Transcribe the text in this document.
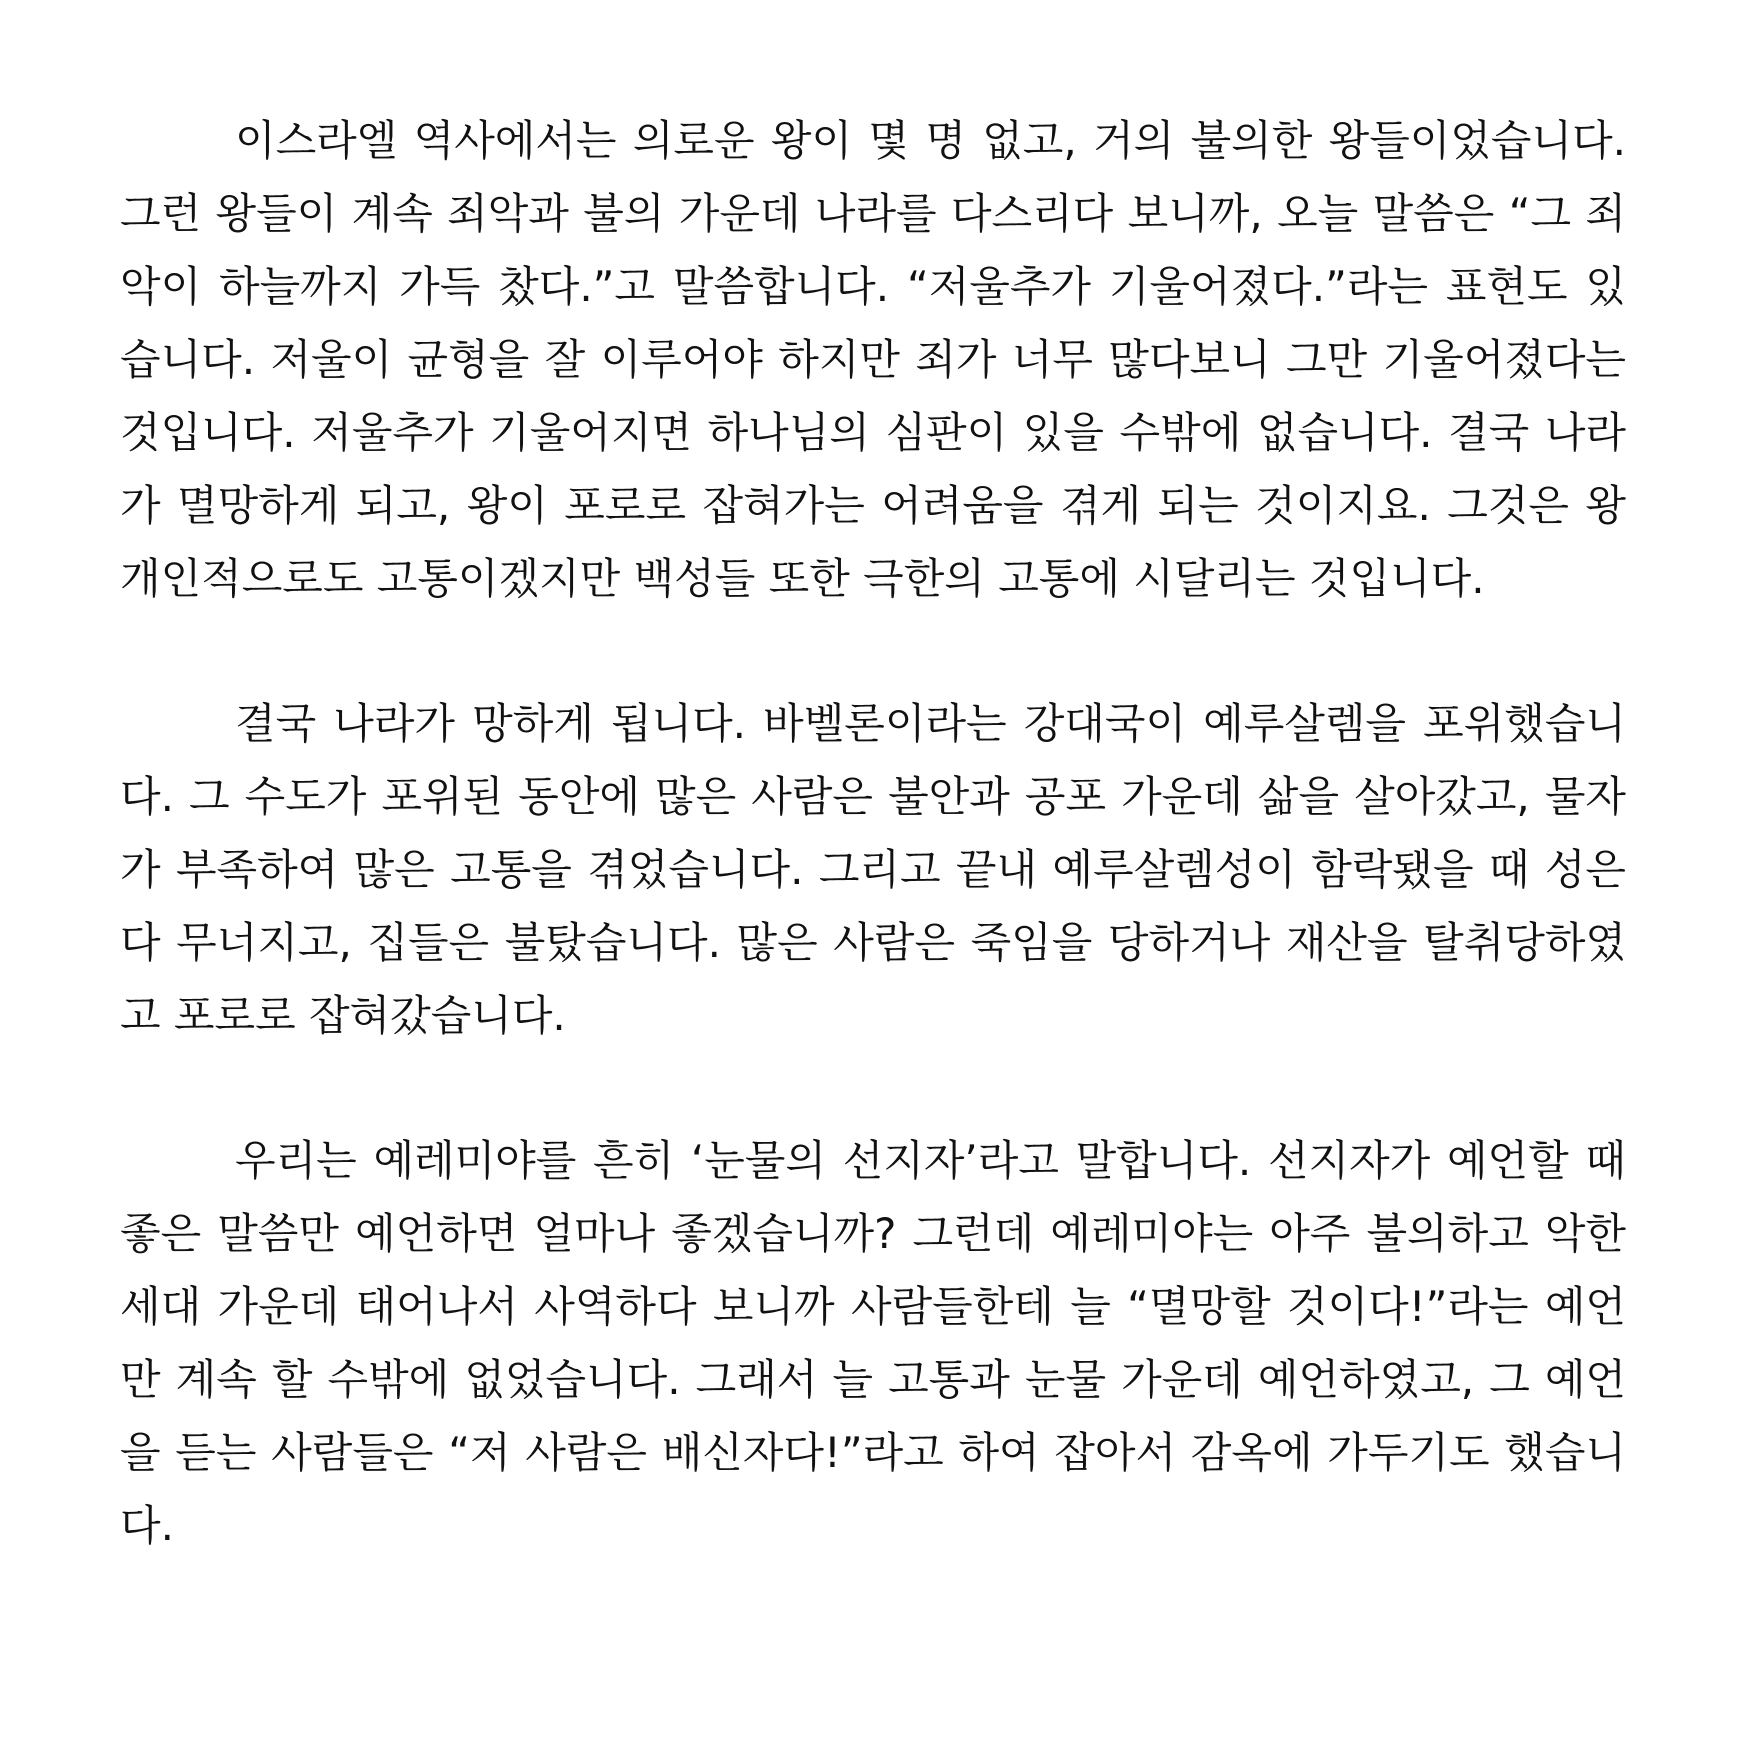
이스라엘 역사에서는 의로운 왕이 몇 명 없고, 거의 불의한 왕들이었습니다. 그런 왕들이 계속 죄악과 불의 가운데 나라를 다스리다 보니까, 오늘 말씀은 “그 죄악이 하늘까지 가득 찼다.”고 말씀합니다. “저울추가 기울어졌다.”라는 표현도 있습니다. 저울이 균형을 잘 이루어야 하지만 죄가 너무 많다보니 그만 기울어졌다는 것입니다. 저울추가 기울어지면 하나님의 심판이 있을 수밖에 없습니다. 결국 나라가 멸망하게 되고, 왕이 포로로 잡혀가는 어려움을 겪게 되는 것이지요. 그것은 왕 개인적으로도 고통이겠지만 백성들 또한 극한의 고통에 시달리는 것입니다.

결국 나라가 망하게 됩니다. 바벨론이라는 강대국이 예루살렘을 포위했습니다. 그 수도가 포위된 동안에 많은 사람은 불안과 공포 가운데 삶을 살아갔고, 물자가 부족하여 많은 고통을 겪었습니다. 그리고 끝내 예루살렘성이 함락됐을 때 성은 다 무너지고, 집들은 불탔습니다. 많은 사람은 죽임을 당하거나 재산을 탈취당하였고 포로로 잡혀갔습니다.

우리는 예레미야를 흔히 ‘눈물의 선지자’라고 말합니다. 선지자가 예언할 때 좋은 말씀만 예언하면 얼마나 좋겠습니까? 그런데 예레미야는 아주 불의하고 악한 세대 가운데 태어나서 사역하다 보니까 사람들한테 늘 “멸망할 것이다!”라는 예언만 계속 할 수밖에 없었습니다. 그래서 늘 고통과 눈물 가운데 예언하였고, 그 예언을 듣는 사람들은 “저 사람은 배신자다!”라고 하여 잡아서 감옥에 가두기도 했습니다.
